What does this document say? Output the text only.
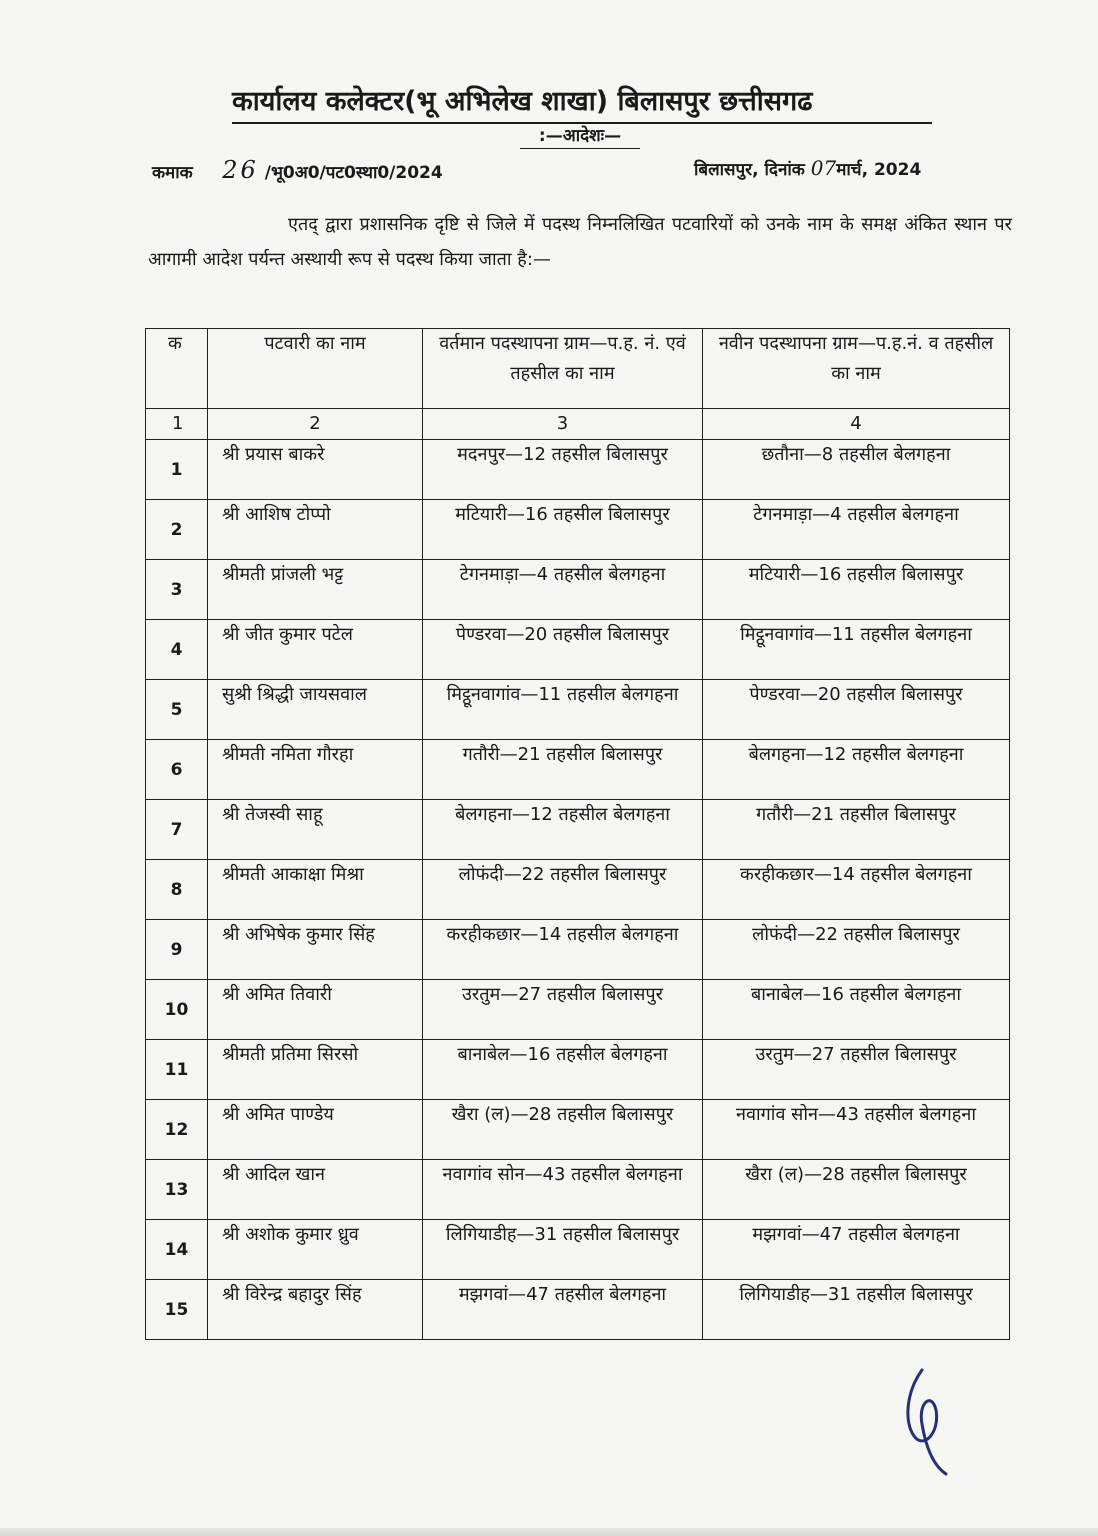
कार्यालय कलेक्टर(भू अभिलेख शाखा) बिलासपुर छत्तीसगढ
:—आदेशः—
कमाक 26 /भू0अ0/पट0स्था0/2024	बिलासपुर, दिनांक 07मार्च, 2024
एतद् द्वारा प्रशासनिक दृष्टि से जिले में पदस्थ निम्नलिखित पटवारियों को उनके नाम के समक्ष अंकित स्थान पर आगामी आदेश पर्यन्त अस्थायी रूप से पदस्थ किया जाता है:—
क	पटवारी का नाम	वर्तमान पदस्थापना ग्राम—प.ह. नं. एवं तहसील का नाम	नवीन पदस्थापना ग्राम—प.ह.नं. व तहसील का नाम
1	2	3	4
1	श्री प्रयास बाकरे	मदनपुर—12 तहसील बिलासपुर	छतौना—8 तहसील बेलगहना
2	श्री आशिष टोप्पो	मटियारी—16 तहसील बिलासपुर	टेगनमाड़ा—4 तहसील बेलगहना
3	श्रीमती प्रांजली भट्ट	टेगनमाड़ा—4 तहसील बेलगहना	मटियारी—16 तहसील बिलासपुर
4	श्री जीत कुमार पटेल	पेण्डरवा—20 तहसील बिलासपुर	मिट्ठूनवागांव—11 तहसील बेलगहना
5	सुश्री श्रिद्धी जायसवाल	मिट्ठूनवागांव—11 तहसील बेलगहना	पेण्डरवा—20 तहसील बिलासपुर
6	श्रीमती नमिता गौरहा	गतौरी—21 तहसील बिलासपुर	बेलगहना—12 तहसील बेलगहना
7	श्री तेजस्वी साहू	बेलगहना—12 तहसील बेलगहना	गतौरी—21 तहसील बिलासपुर
8	श्रीमती आकाक्षा मिश्रा	लोफंदी—22 तहसील बिलासपुर	करहीकछार—14 तहसील बेलगहना
9	श्री अभिषेक कुमार सिंह	करहीकछार—14 तहसील बेलगहना	लोफंदी—22 तहसील बिलासपुर
10	श्री अमित तिवारी	उरतुम—27 तहसील बिलासपुर	बानाबेल—16 तहसील बेलगहना
11	श्रीमती प्रतिमा सिरसो	बानाबेल—16 तहसील बेलगहना	उरतुम—27 तहसील बिलासपुर
12	श्री अमित पाण्डेय	खैरा (ल)—28 तहसील बिलासपुर	नवागांव सोन—43 तहसील बेलगहना
13	श्री आदिल खान	नवागांव सोन—43 तहसील बेलगहना	खैरा (ल)—28 तहसील बिलासपुर
14	श्री अशोक कुमार ध्रुव	लिगियाडीह—31 तहसील बिलासपुर	मझगवां—47 तहसील बेलगहना
15	श्री विरेन्द्र बहादुर सिंह	मझगवां—47 तहसील बेलगहना	लिगियाडीह—31 तहसील बिलासपुर
